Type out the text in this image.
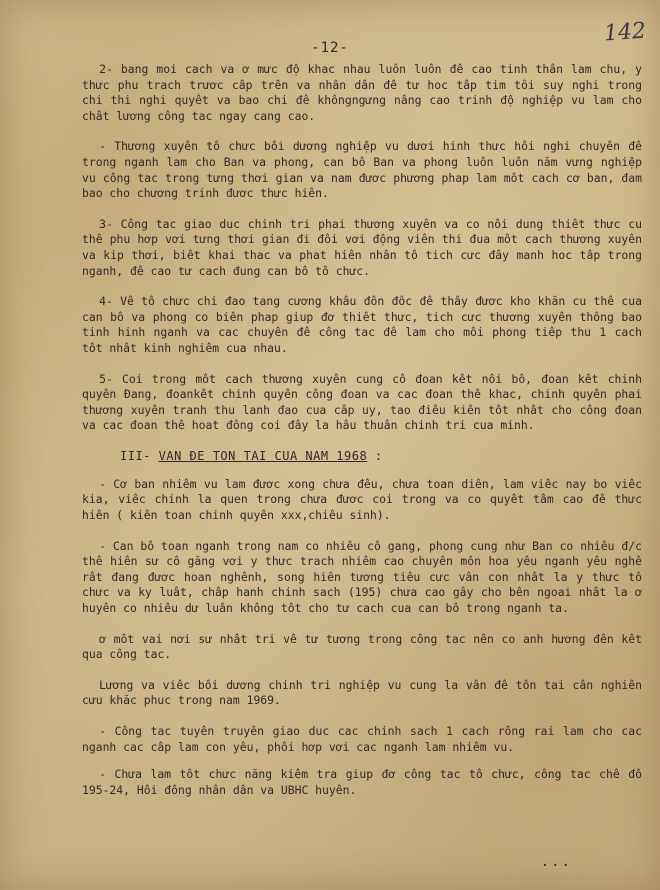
-12-
142

2- bang moi cach va ơ mưc độ khac nhau luôn luôn đê cao tinh thân lam chu, y thưc phu trach trươc câp trên va nhân dân đê tư hoc tâp tim tôi suy nghi trong chi thi nghi quyêt va bao chi đê khôngngưng nâng cao trinh độ nghiệp vu lam cho chât lương công tac ngay cang cao.

- Thương xuyên tô chưc bôi dương nghiệp vu dươi hinh thưc hôi nghi chuyên đê trong nganh lam cho Ban va phong, can bô Ban va phong luôn luôn năm vưng nghiệp vu công tac trong tưng thơi gian va nam đươc phương phap lam môt cach cơ ban, đam bao cho chương trinh đươc thưc hiên.

3- Công tac giao duc chinh tri phai thương xuyên va co nôi dung thiêt thưc cu thê phu hơp vơi tưng thơi gian đi đôi vơi động viên thi đua môt cach thương xuyên va kip thơi, biêt khai thac va phat hiên nhân tô tich cưc đây manh hoc tâp trong nganh, đê cao tư cach đung can bô tô chưc.

4- Vê tô chưc chi đao tang cương khâu đôn đôc đê thây đươc kho khăn cu thê cua can bô va phong co biên phap giup đơ thiêt thưc, tich cưc thương xuyên thông bao tinh hinh nganh va cac chuyên đê công tac đê lam cho môi phong tiêp thu 1 cach tôt nhât kinh nghiêm cua nhau.

5- Coi trong môt cach thương xuyên cung cô đoan kêt nôi bô, đoan kêt chinh quyên Đang, đoankêt chinh quyên công đoan va cac đoan thê khac, chinh quyên phai thương xuyên tranh thu lanh đao cua câp uy, tao điêu kiên tôt nhât cho công đoan va cac đoan thê hoat đông coi đây la hâu thuân chinh tri cua minh.

III- VAN ĐE TON TAI CUA NAM 1968 :

- Cơ ban nhiêm vu lam đươc xong chưa đêu, chưa toan diên, lam viêc nay bo viêc kia, viêc chinh la quen trong chưa đươc coi trong va co quyêt tâm cao đê thưc hiên ( kiên toan chinh quyên xxx,chiêu sinh).

- Can bô toan nganh trong nam co nhiêu cô gang, phong cung như Ban co nhiêu đ/c thê hiên sư cô găng vơi y thưc trach nhiêm cao chuyên môn hoa yêu nganh yêu nghê rât đang đươc hoan nghênh, song hiên tương tiêu cưc vân con nhât la y thưc tô chưc va ky luât, châp hanh chinh sach (195) chưa cao gây cho bên ngoai nhât la ơ huyên co nhiêu dư luân không tôt cho tư cach cua can bô trong nganh ta.

ơ môt vai nơi sư nhât tri vê tư tương trong công tac nên co anh hương đên kêt qua công tac.

Lương va viêc bôi dương chinh tri nghiệp vu cung la vân đê tôn tai cân nghiên cưu khăc phuc trong nam 1969.

- Công tac tuyên truyên giao duc cac chinh sach 1 cach rông rai lam cho cac nganh cac câp lam con yêu, phôi hơp vơi cac nganh lam nhiêm vu.

- Chưa lam tôt chưc năng kiêm tra giup đơ công tac tô chưc, công tac chê đô 195-24, Hôi đông nhân dân va UBHC huyên.

...
